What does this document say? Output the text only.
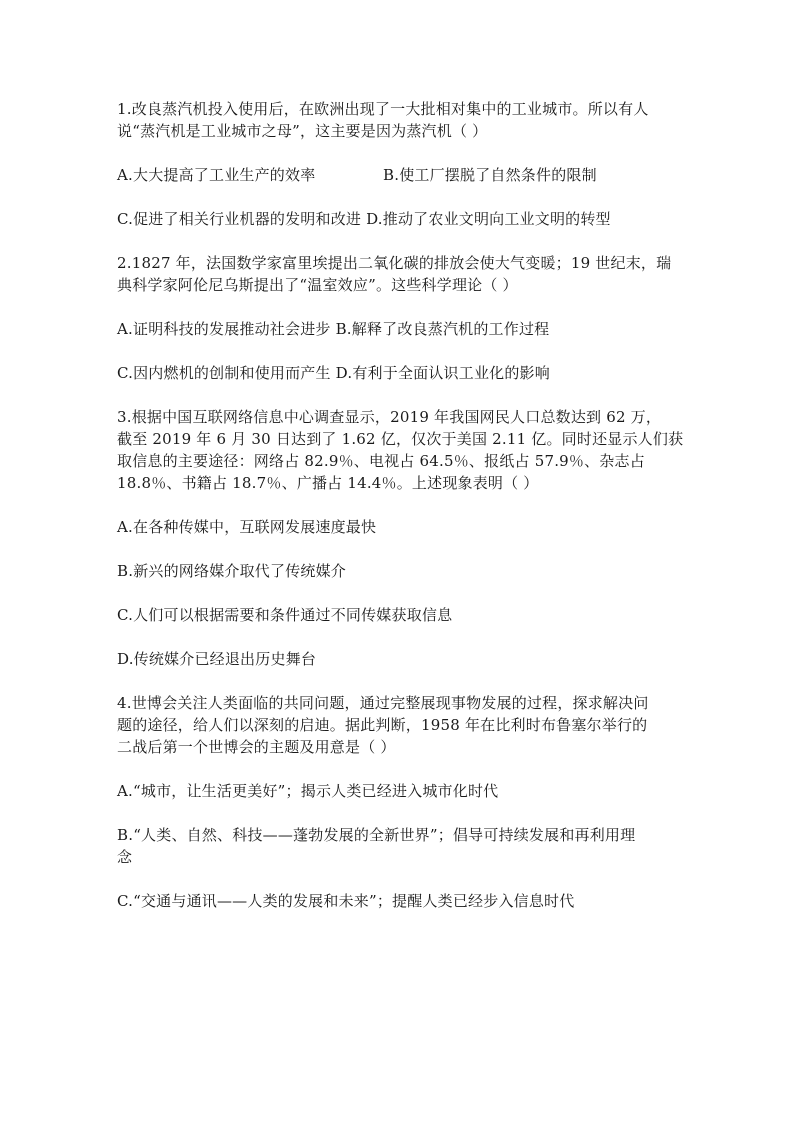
1.改良蒸汽机投入使用后，在欧洲出现了一大批相对集中的工业城市。所以有人
说“蒸汽机是工业城市之母”，这主要是因为蒸汽机（ ）
A.大大提高了工业生产的效率	B.使工厂摆脱了自然条件的限制
C.促进了相关行业机器的发明和改进 D.推动了农业文明向工业文明的转型
2.1827 年，法国数学家富里埃提出二氧化碳的排放会使大气变暖；19 世纪末，瑞
典科学家阿伦尼乌斯提出了“温室效应”。这些科学理论（ ）
A.证明科技的发展推动社会进步 B.解释了改良蒸汽机的工作过程
C.因内燃机的创制和使用而产生 D.有利于全面认识工业化的影响
3.根据中国互联网络信息中心调查显示，2019 年我国网民人口总数达到 62 万，
截至 2019 年 6 月 30 日达到了 1.62 亿，仅次于美国 2.11 亿。同时还显示人们获
取信息的主要途径：网络占 82.9％、电视占 64.5％、报纸占 57.9％、杂志占
18.8％、书籍占 18.7％、广播占 14.4％。上述现象表明（ ）
A.在各种传媒中，互联网发展速度最快
B.新兴的网络媒介取代了传统媒介
C.人们可以根据需要和条件通过不同传媒获取信息
D.传统媒介已经退出历史舞台
4.世博会关注人类面临的共同问题，通过完整展现事物发展的过程，探求解决问
题的途径，给人们以深刻的启迪。据此判断，1958 年在比利时布鲁塞尔举行的
二战后第一个世博会的主题及用意是（ ）
A.“城市，让生活更美好”；揭示人类已经进入城市化时代
B.“人类、自然、科技——蓬勃发展的全新世界”；倡导可持续发展和再利用理
念
C.“交通与通讯——人类的发展和未来”；提醒人类已经步入信息时代
